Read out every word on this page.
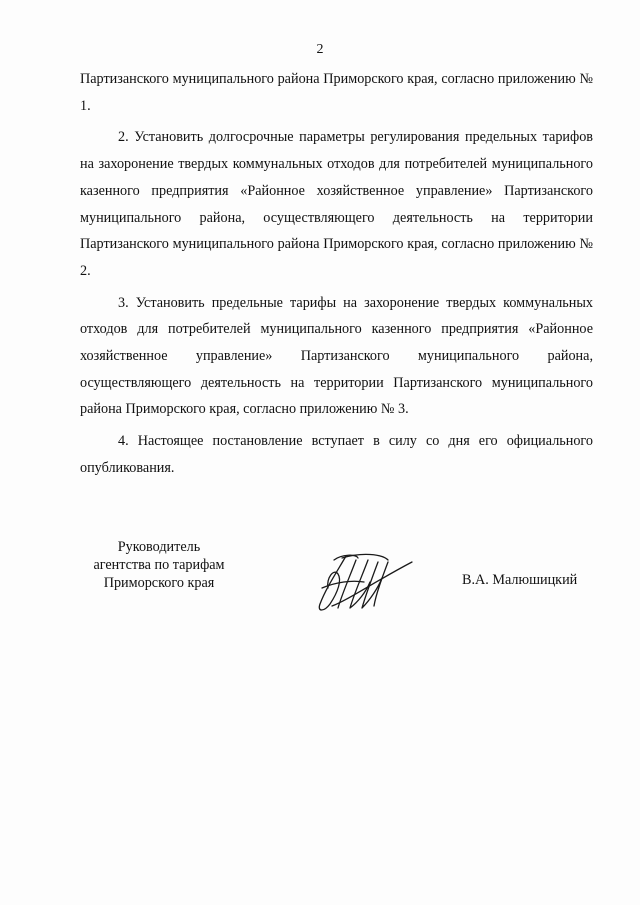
2

Партизанского муниципального района Приморского края, согласно приложению № 1.

2. Установить долгосрочные параметры регулирования предельных тарифов на захоронение твердых коммунальных отходов для потребителей муниципального казенного предприятия «Районное хозяйственное управление» Партизанского муниципального района, осуществляющего деятельность на территории Партизанского муниципального района Приморского края, согласно приложению № 2.

3. Установить предельные тарифы на захоронение твердых коммунальных отходов для потребителей муниципального казенного предприятия «Районное хозяйственное управление» Партизанского муниципального района, осуществляющего деятельность на территории Партизанского муниципального района Приморского края, согласно приложению № 3.

4. Настоящее постановление вступает в силу со дня его официального опубликования.

Руководитель
агентства по тарифам
Приморского края	В.А. Малюшицкий
